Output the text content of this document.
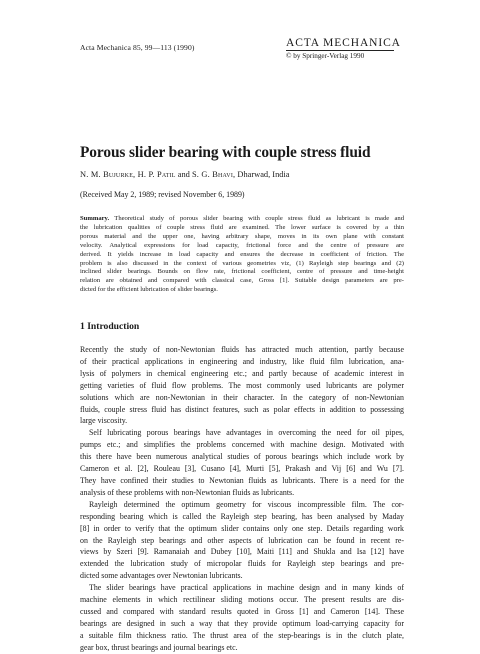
Acta Mechanica 85, 99—113 (1990)	ACTA MECHANICA
© by Springer-Verlag 1990
Porous slider bearing with couple stress fluid
N. M. Bujurke, H. P. Patil and S. G. Bhavi, Dharwad, India
(Received May 2, 1989; revised November 6, 1989)
Summary. Theoretical study of porous slider bearing with couple stress fluid as lubricant is made and
the lubrication qualities of couple stress fluid are examined. The lower surface is covered by a thin
porous material and the upper one, having arbitrary shape, moves in its own plane with constant
velocity. Analytical expressions for load capacity, frictional force and the centre of pressure are
derived. It yields increase in load capacity and ensures the decrease in coefficient of friction. The
problem is also discussed in the context of various geometries viz, (1) Rayleigh step bearings and (2)
inclined slider bearings. Bounds on flow rate, frictional coefficient, centre of pressure and time-height
relation are obtained and compared with classical case, Gross [1]. Suitable design parameters are pre-
dicted for the efficient lubrication of slider bearings.
1 Introduction
Recently the study of non-Newtonian fluids has attracted much attention, partly because
of their practical applications in engineering and industry, like fluid film lubrication, ana-
lysis of polymers in chemical engineering etc.; and partly because of academic interest in
getting varieties of fluid flow problems. The most commonly used lubricants are polymer
solutions which are non-Newtonian in their character. In the category of non-Newtonian
fluids, couple stress fluid has distinct features, such as polar effects in addition to possessing
large viscosity.
Self lubricating porous bearings have advantages in overcoming the need for oil pipes,
pumps etc.; and simplifies the problems concerned with machine design. Motivated with
this there have been numerous analytical studies of porous bearings which include work by
Cameron et al. [2], Rouleau [3], Cusano [4], Murti [5], Prakash and Vij [6] and Wu [7].
They have confined their studies to Newtonian fluids as lubricants. There is a need for the
analysis of these problems with non-Newtonian fluids as lubricants.
Rayleigh determined the optimum geometry for viscous incompressible film. The cor-
responding bearing which is called the Rayleigh step bearing, has been analysed by Maday
[8] in order to verify that the optimum slider contains only one step. Details regarding work
on the Rayleigh step bearings and other aspects of lubrication can be found in recent re-
views by Szeri [9]. Ramanaiah and Dubey [10], Maiti [11] and Shukla and Isa [12] have
extended the lubrication study of micropolar fluids for Rayleigh step bearings and pre-
dicted some advantages over Newtonian lubricants.
The slider bearings have practical applications in machine design and in many kinds of
machine elements in which rectilinear sliding motions occur. The present results are dis-
cussed and compared with standard results quoted in Gross [1] and Cameron [14]. These
bearings are designed in such a way that they provide optimum load-carrying capacity for
a suitable film thickness ratio. The thrust area of the step-bearings is in the clutch plate,
gear box, thrust bearings and journal bearings etc.
